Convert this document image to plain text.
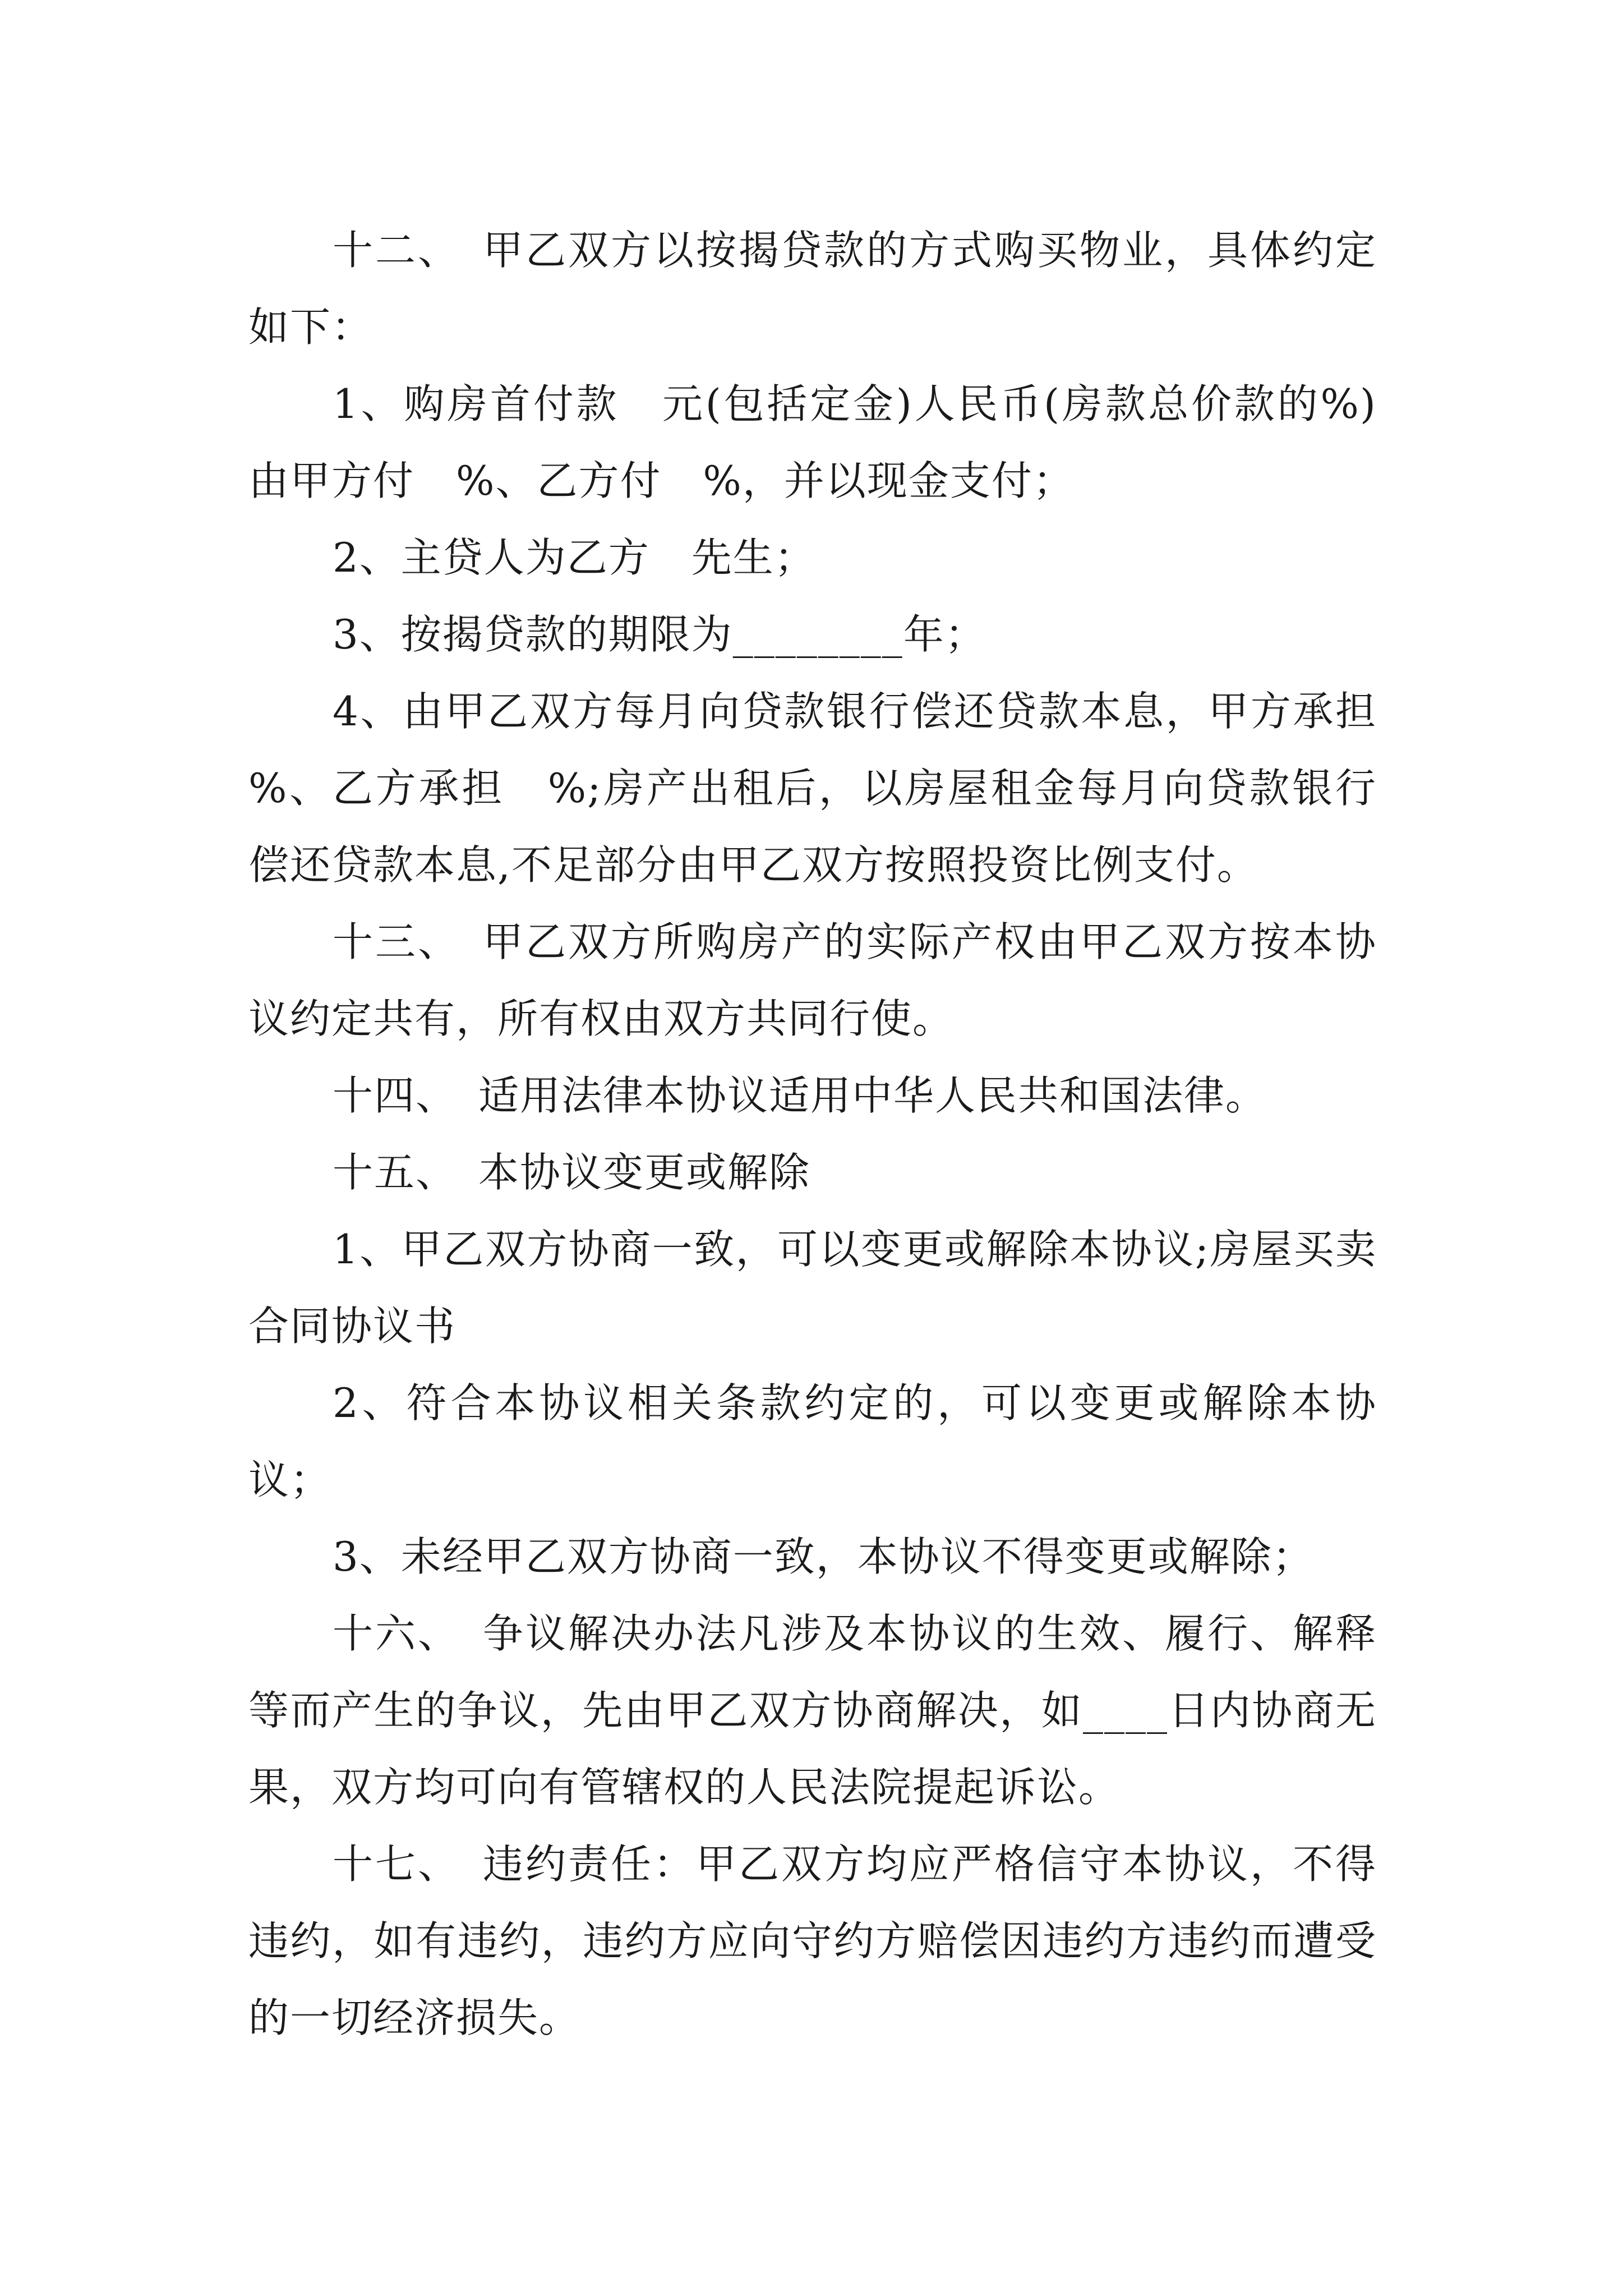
十二、　甲乙双方以按揭贷款的方式购买物业，具体约定如下：

1、购房首付款　元(包括定金)人民币(房款总价款的%)由甲方付　%、乙方付　%，并以现金支付；

2、主贷人为乙方　先生；

3、按揭贷款的期限为________年；

4、由甲乙双方每月向贷款银行偿还贷款本息，甲方承担　%、乙方承担　%;房产出租后，以房屋租金每月向贷款银行偿还贷款本息,不足部分由甲乙双方按照投资比例支付。

十三、　甲乙双方所购房产的实际产权由甲乙双方按本协议约定共有，所有权由双方共同行使。

十四、　适用法律本协议适用中华人民共和国法律。

十五、　本协议变更或解除

1、甲乙双方协商一致，可以变更或解除本协议;房屋买卖合同协议书

2、符合本协议相关条款约定的，可以变更或解除本协议；

3、未经甲乙双方协商一致，本协议不得变更或解除；

十六、　争议解决办法凡涉及本协议的生效、履行、解释等而产生的争议，先由甲乙双方协商解决，如____日内协商无果，双方均可向有管辖权的人民法院提起诉讼。

十七、　违约责任：甲乙双方均应严格信守本协议，不得违约，如有违约，违约方应向守约方赔偿因违约方违约而遭受的一切经济损失。
